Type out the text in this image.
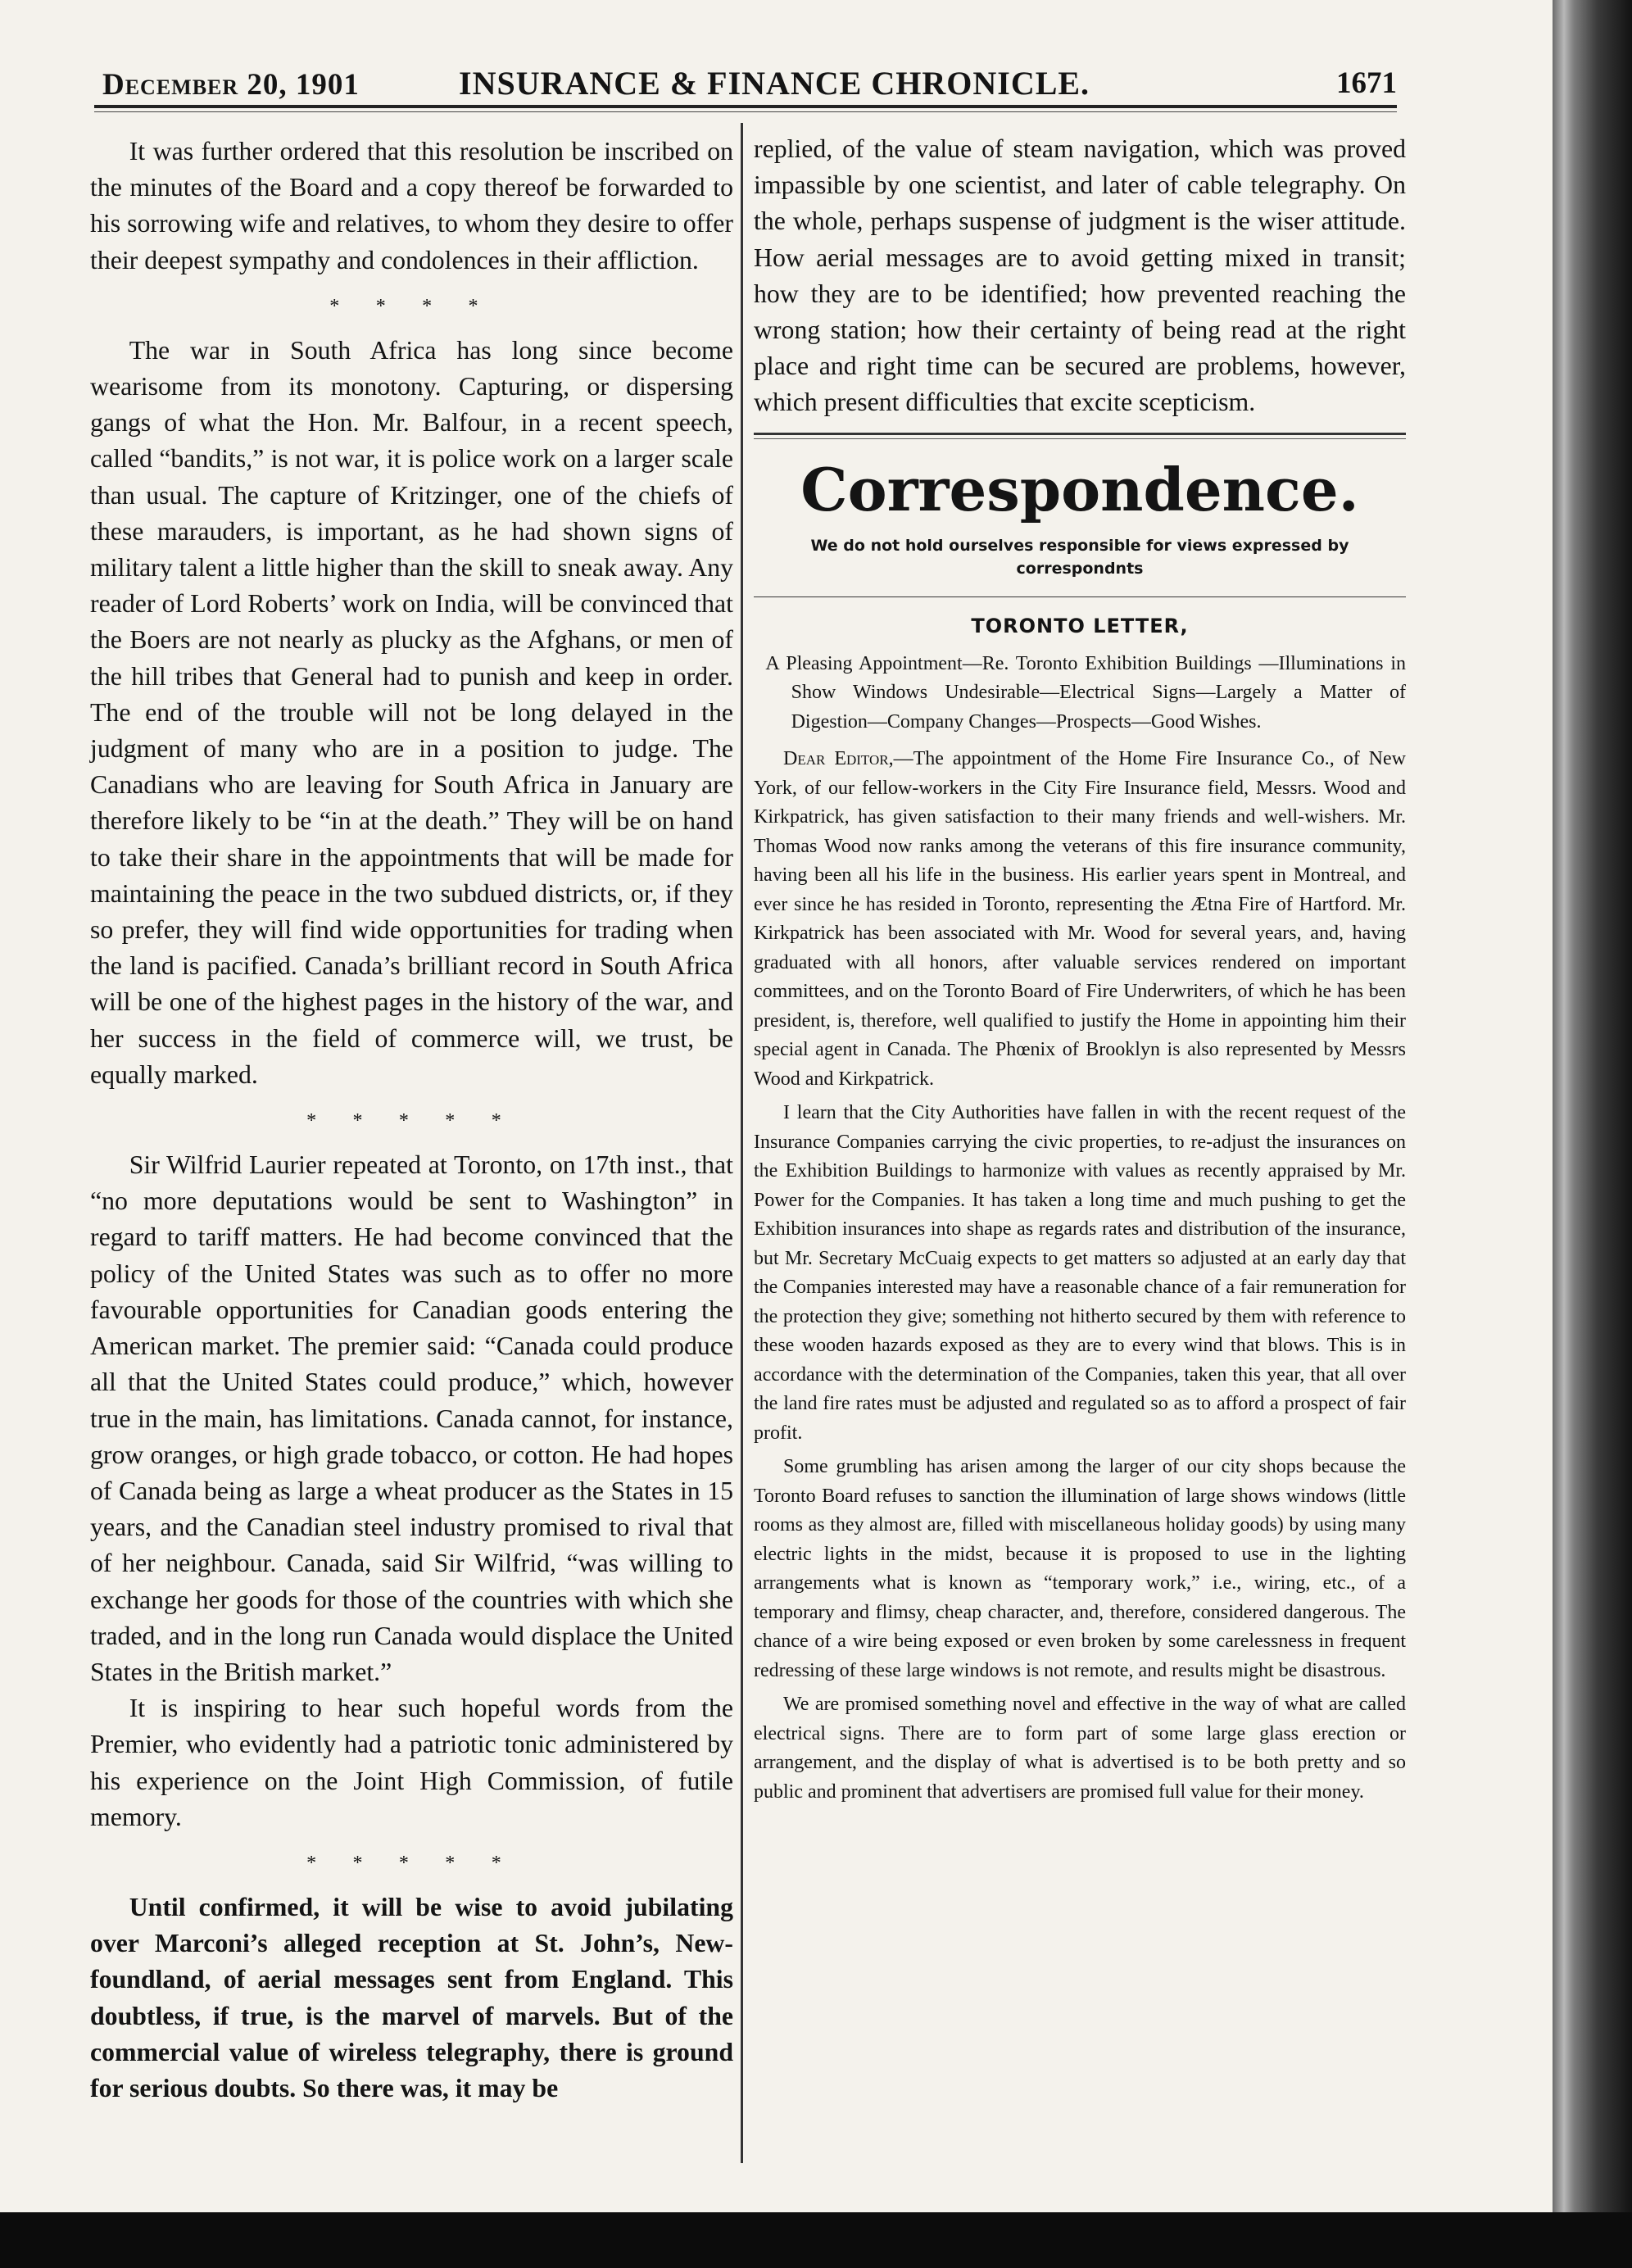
December 20, 1901	INSURANCE & FINANCE CHRONICLE.	1671

It was further ordered that this resolution be inscribed on the minutes of the Board and a copy thereof be forwarded to his sorrowing wife and relatives, to whom they desire to offer their deepest sympathy and condolences in their affliction.

* * * *

The war in South Africa has long since become wearisome from its monotony. Capturing, or dispersing gangs of what the Hon. Mr. Balfour, in a recent speech, called “bandits,” is not war, it is police work on a larger scale than usual. The capture of Kritzinger, one of the chiefs of these marauders, is important, as he had shown signs of military talent a little higher than the skill to sneak away. Any reader of Lord Roberts’ work on India, will be convinced that the Boers are not nearly as plucky as the Afghans, or men of the hill tribes that General had to punish and keep in order. The end of the trouble will not be long delayed in the judgment of many who are in a position to judge. The Canadians who are leaving for South Africa in January are therefore likely to be “in at the death.” They will be on hand to take their share in the appointments that will be made for maintaining the peace in the two subdued districts, or, if they so prefer, they will find wide opportunities for trading when the land is pacified. Canada’s brilliant record in South Africa will be one of the highest pages in the history of the war, and her success in the field of commerce will, we trust, be equally marked.

* * * * *

Sir Wilfrid Laurier repeated at Toronto, on 17th inst., that “no more deputations would be sent to Washington” in regard to tariff matters. He had become convinced that the policy of the United States was such as to offer no more favourable opportunities for Canadian goods entering the American market. The premier said: “Canada could produce all that the United States could produce,” which, however true in the main, has limitations. Canada cannot, for instance, grow oranges, or high grade tobacco, or cotton. He had hopes of Canada being as large a wheat producer as the States in 15 years, and the Canadian steel industry promised to rival that of her neighbour. Canada, said Sir Wilfrid, “was willing to exchange her goods for those of the countries with which she traded, and in the long run Canada would displace the United States in the British market.”

It is inspiring to hear such hopeful words from the Premier, who evidently had a patriotic tonic administered by his experience on the Joint High Commission, of futile memory.

* * * * *

Until confirmed, it will be wise to avoid jubilating over Marconi’s alleged reception at St. John’s, Newfoundland, of aerial messages sent from England. This doubtless, if true, is the marvel of marvels. But of the commercial value of wireless telegraphy, there is ground for serious doubts. So there was, it may be

replied, of the value of steam navigation, which was proved impassible by one scientist, and later of cable telegraphy. On the whole, perhaps suspense of judgment is the wiser attitude. How aerial messages are to avoid getting mixed in transit; how they are to be identified; how prevented reaching the wrong station; how their certainty of being read at the right place and right time can be secured are problems, however, which present difficulties that excite scepticism.

Correspondence.
We do not hold ourselves responsible for views expressed by correspondnts
TORONTO LETTER,
A Pleasing Appointment—Re. Toronto Exhibition Buildings —Illuminations in Show Windows Undesirable—Electrical Signs—Largely a Matter of Digestion—Company Changes—Prospects—Good Wishes.

Dear Editor,—The appointment of the Home Fire Insurance Co., of New York, of our fellow-workers in the City Fire Insurance field, Messrs. Wood and Kirkpatrick, has given satisfaction to their many friends and well-wishers. Mr. Thomas Wood now ranks among the veterans of this fire insurance community, having been all his life in the business. His earlier years spent in Montreal, and ever since he has resided in Toronto, representing the Ætna Fire of Hartford. Mr. Kirkpatrick has been associated with Mr. Wood for several years, and, having graduated with all honors, after valuable services rendered on important committees, and on the Toronto Board of Fire Underwriters, of which he has been president, is, therefore, well qualified to justify the Home in appointing him their special agent in Canada. The Phœnix of Brooklyn is also represented by Messrs Wood and Kirkpatrick.

I learn that the City Authorities have fallen in with the recent request of the Insurance Companies carrying the civic properties, to re-adjust the insurances on the Exhibition Buildings to harmonize with values as recently appraised by Mr. Power for the Companies. It has taken a long time and much pushing to get the Exhibition insurances into shape as regards rates and distribution of the insurance, but Mr. Secretary McCuaig expects to get matters so adjusted at an early day that the Companies interested may have a reasonable chance of a fair remuneration for the protection they give; something not hitherto secured by them with reference to these wooden hazards exposed as they are to every wind that blows. This is in accordance with the determination of the Companies, taken this year, that all over the land fire rates must be adjusted and regulated so as to afford a prospect of fair profit.

Some grumbling has arisen among the larger of our city shops because the Toronto Board refuses to sanction the illumination of large shows windows (little rooms as they almost are, filled with miscellaneous holiday goods) by using many electric lights in the midst, because it is proposed to use in the lighting arrangements what is known as “temporary work,” i.e., wiring, etc., of a temporary and flimsy, cheap character, and, therefore, considered dangerous. The chance of a wire being exposed or even broken by some carelessness in frequent redressing of these large windows is not remote, and results might be disastrous.

We are promised something novel and effective in the way of what are called electrical signs. There are to form part of some large glass erection or arrangement, and the display of what is advertised is to be both pretty and so public and prominent that advertisers are promised full value for their money.
